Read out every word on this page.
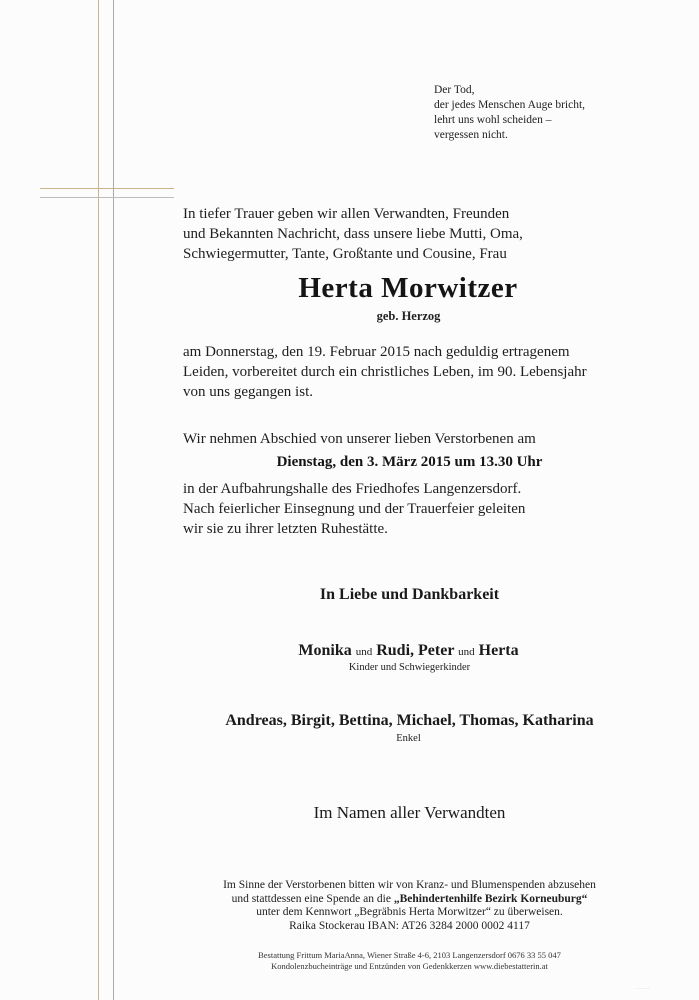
Der Tod,
der jedes Menschen Auge bricht,
lehrt uns wohl scheiden –
vergessen nicht.
In tiefer Trauer geben wir allen Verwandten, Freunden
und Bekannten Nachricht, dass unsere liebe Mutti, Oma,
Schwiegermutter, Tante, Großtante und Cousine, Frau
Herta Morwitzer
geb. Herzog
am Donnerstag, den 19. Februar 2015 nach geduldig ertragenem
Leiden, vorbereitet durch ein christliches Leben, im 90. Lebensjahr
von uns gegangen ist.
Wir nehmen Abschied von unserer lieben Verstorbenen am
Dienstag, den 3. März 2015 um 13.30 Uhr
in der Aufbahrungshalle des Friedhofes Langenzersdorf.
Nach feierlicher Einsegnung und der Trauerfeier geleiten
wir sie zu ihrer letzten Ruhestätte.
In Liebe und Dankbarkeit
Monika und Rudi, Peter und Herta
Kinder und Schwiegerkinder
Andreas, Birgit, Bettina, Michael, Thomas, Katharina
Enkel
Im Namen aller Verwandten
Im Sinne der Verstorbenen bitten wir von Kranz- und Blumenspenden abzusehen
und stattdessen eine Spende an die „Behindertenhilfe Bezirk Korneuburg“
unter dem Kennwort „Begräbnis Herta Morwitzer“ zu überweisen.
Raika Stockerau IBAN: AT26 3284 2000 0002 4117
Bestattung Frittum MariaAnna, Wiener Straße 4-6, 2103 Langenzersdorf 0676 33 55 047
Kondolenzbucheinträge und Entzünden von Gedenkkerzen www.diebestatterin.at
········
